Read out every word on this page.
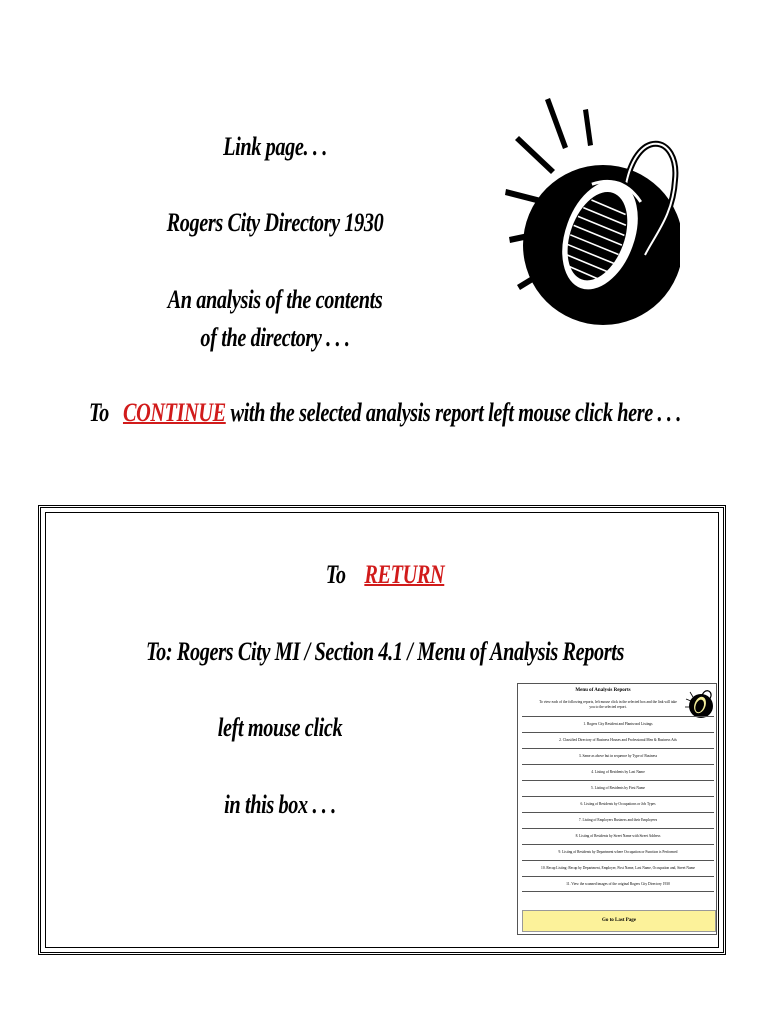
Link page. . .
Rogers City Directory 1930
An analysis of the contents
of the directory . . .
To CONTINUE with the selected analysis report left mouse click here . . .
To RETURN
To: Rogers City MI / Section 4.1 / Menu of Analysis Reports
left mouse click
in this box . . .
Menu of Analysis Reports
To view each of the following reports, left mouse click in the selected box and the link will take you to the selected report.
1. Rogers City Resident and Plantwood Listings
2. Classified Directory of Business Houses and Professional Men & Business Ads
3. Same as above but in sequence by Type of Business
4. Listing of Residents by Last Name
5. Listing of Residents by First Name
6. Listing of Residents by Occupations or Job Types
7. Listing of Employers Business and their Employees
8. Listing of Residents by Street Name with Street Address
9. Listing of Residents by Department where Occupation or Function is Performed
10. Recap Listing: Recap by Department, Employer, First Name, Last Name, Occupation and, Street Name
11. View the scanned images of the original Rogers City Directory 1930
Go to Last Page
